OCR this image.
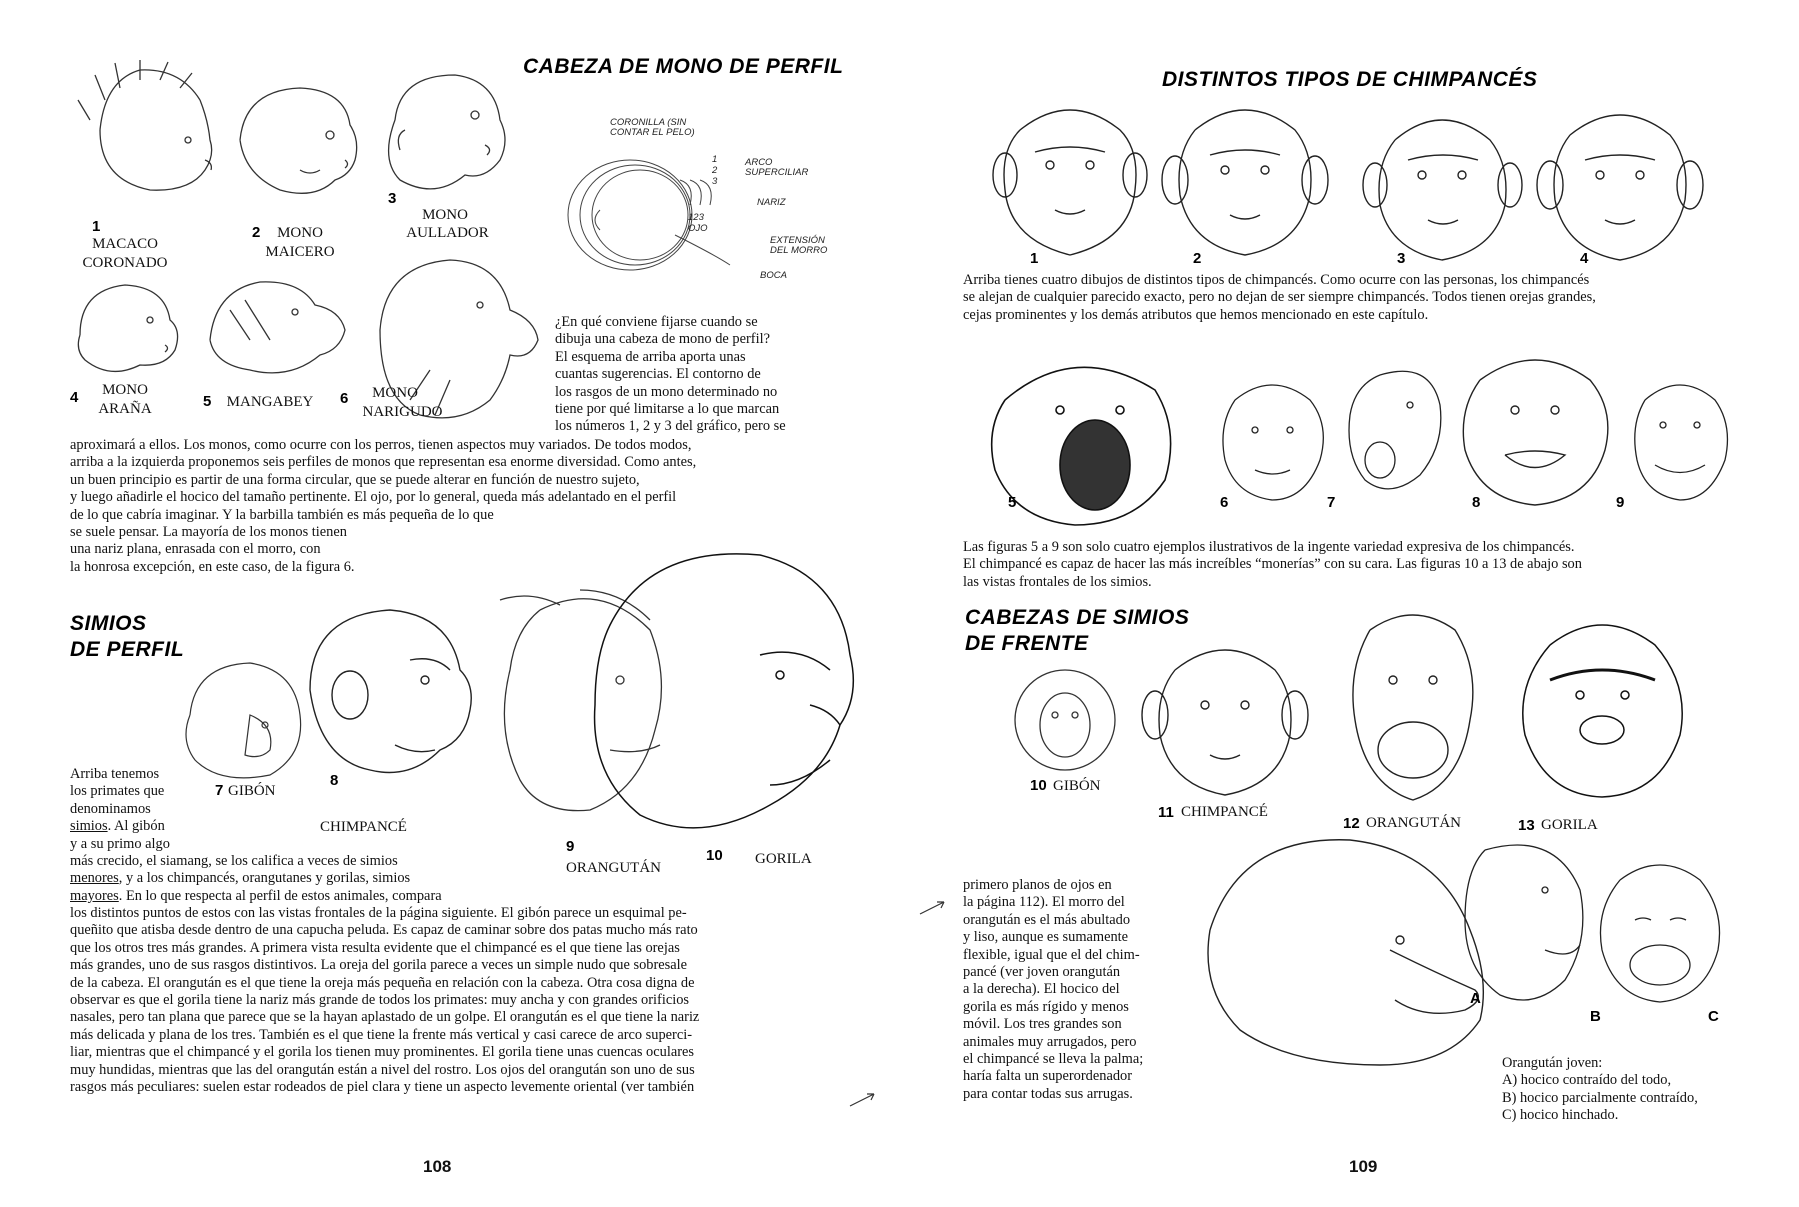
CABEZA DE MONO DE PERFIL
1
MACACO
CORONADO
2	MONO
MAICERO
3
MONO
AULLADOR
4	MONO
ARAÑA	5	MANGABEY	6	MONO
NARIGUDO
CORONILLA (SIN CONTAR EL PELO)
ARCO SUPERCILIAR
NARIZ
123
OJO
EXTENSIÓN DEL MORRO
BOCA
1
2
3
¿En qué conviene fijarse cuando se
dibuja una cabeza de mono de perfil?
El esquema de arriba aporta unas
cuantas sugerencias. El contorno de
los rasgos de un mono determinado no
tiene por qué limitarse a lo que marcan
los números 1, 2 y 3 del gráfico, pero se
aproximará a ellos. Los monos, como ocurre con los perros, tienen aspectos muy variados. De todos modos,
arriba a la izquierda proponemos seis perfiles de monos que representan esa enorme diversidad. Como antes,
un buen principio es partir de una forma circular, que se puede alterar en función de nuestro sujeto,
y luego añadirle el hocico del tamaño pertinente. El ojo, por lo general, queda más adelantado en el perfil
de lo que cabría imaginar. Y la barbilla también es más pequeña de lo que
se suele pensar. La mayoría de los monos tienen
una nariz plana, enrasada con el morro, con
la honrosa excepción, en este caso, de la figura 6.
SIMIOS
DE PERFIL
7 GIBÓN
8
CHIMPANCÉ
9
ORANGUTÁN
10 GORILA
Arriba tenemos
los primates que
denominamos
simios. Al gibón
y a su primo algo
más crecido, el siamang, se los califica a veces de simios
menores, y a los chimpancés, orangutanes y gorilas, simios
mayores. En lo que respecta al perfil de estos animales, compara
los distintos puntos de estos con las vistas frontales de la página siguiente. El gibón parece un esquimal pe-
queñito que atisba desde dentro de una capucha peluda. Es capaz de caminar sobre dos patas mucho más rato
que los otros tres más grandes. A primera vista resulta evidente que el chimpancé es el que tiene las orejas
más grandes, uno de sus rasgos distintivos. La oreja del gorila parece a veces un simple nudo que sobresale
de la cabeza. El orangután es el que tiene la oreja más pequeña en relación con la cabeza. Otra cosa digna de
observar es que el gorila tiene la nariz más grande de todos los primates: muy ancha y con grandes orificios
nasales, pero tan plana que parece que se la hayan aplastado de un golpe. El orangután es el que tiene la nariz
más delicada y plana de los tres. También es el que tiene la frente más vertical y casi carece de arco superci-
liar, mientras que el chimpancé y el gorila los tienen muy prominentes. El gorila tiene unas cuencas oculares
muy hundidas, mientras que las del orangután están a nivel del rostro. Los ojos del orangután son uno de sus
rasgos más peculiares: suelen estar rodeados de piel clara y tiene un aspecto levemente oriental (ver también
108
DISTINTOS TIPOS DE CHIMPANCÉS
1	2	3	4
Arriba tienes cuatro dibujos de distintos tipos de chimpancés. Como ocurre con las personas, los chimpancés
se alejan de cualquier parecido exacto, pero no dejan de ser siempre chimpancés. Todos tienen orejas grandes,
cejas prominentes y los demás atributos que hemos mencionado en este capítulo.
5	6	7	8	9
Las figuras 5 a 9 son solo cuatro ejemplos ilustrativos de la ingente variedad expresiva de los chimpancés.
El chimpancé es capaz de hacer las más increíbles “monerías” con su cara. Las figuras 10 a 13 de abajo son
las vistas frontales de los simios.
CABEZAS DE SIMIOS
DE FRENTE
10 GIBÓN
11 CHIMPANCÉ
12 ORANGUTÁN	13 GORILA
primero planos de ojos en
la página 112). El morro del
orangután es el más abultado
y liso, aunque es sumamente
flexible, igual que el del chim-
pancé (ver joven orangután
a la derecha). El hocico del
gorila es más rígido y menos
móvil. Los tres grandes son
animales muy arrugados, pero
el chimpancé se lleva la palma;
haría falta un superordenador
para contar todas sus arrugas.
A
B	C
Orangután joven:
A) hocico contraído del todo,
B) hocico parcialmente contraído,
C) hocico hinchado.
109
